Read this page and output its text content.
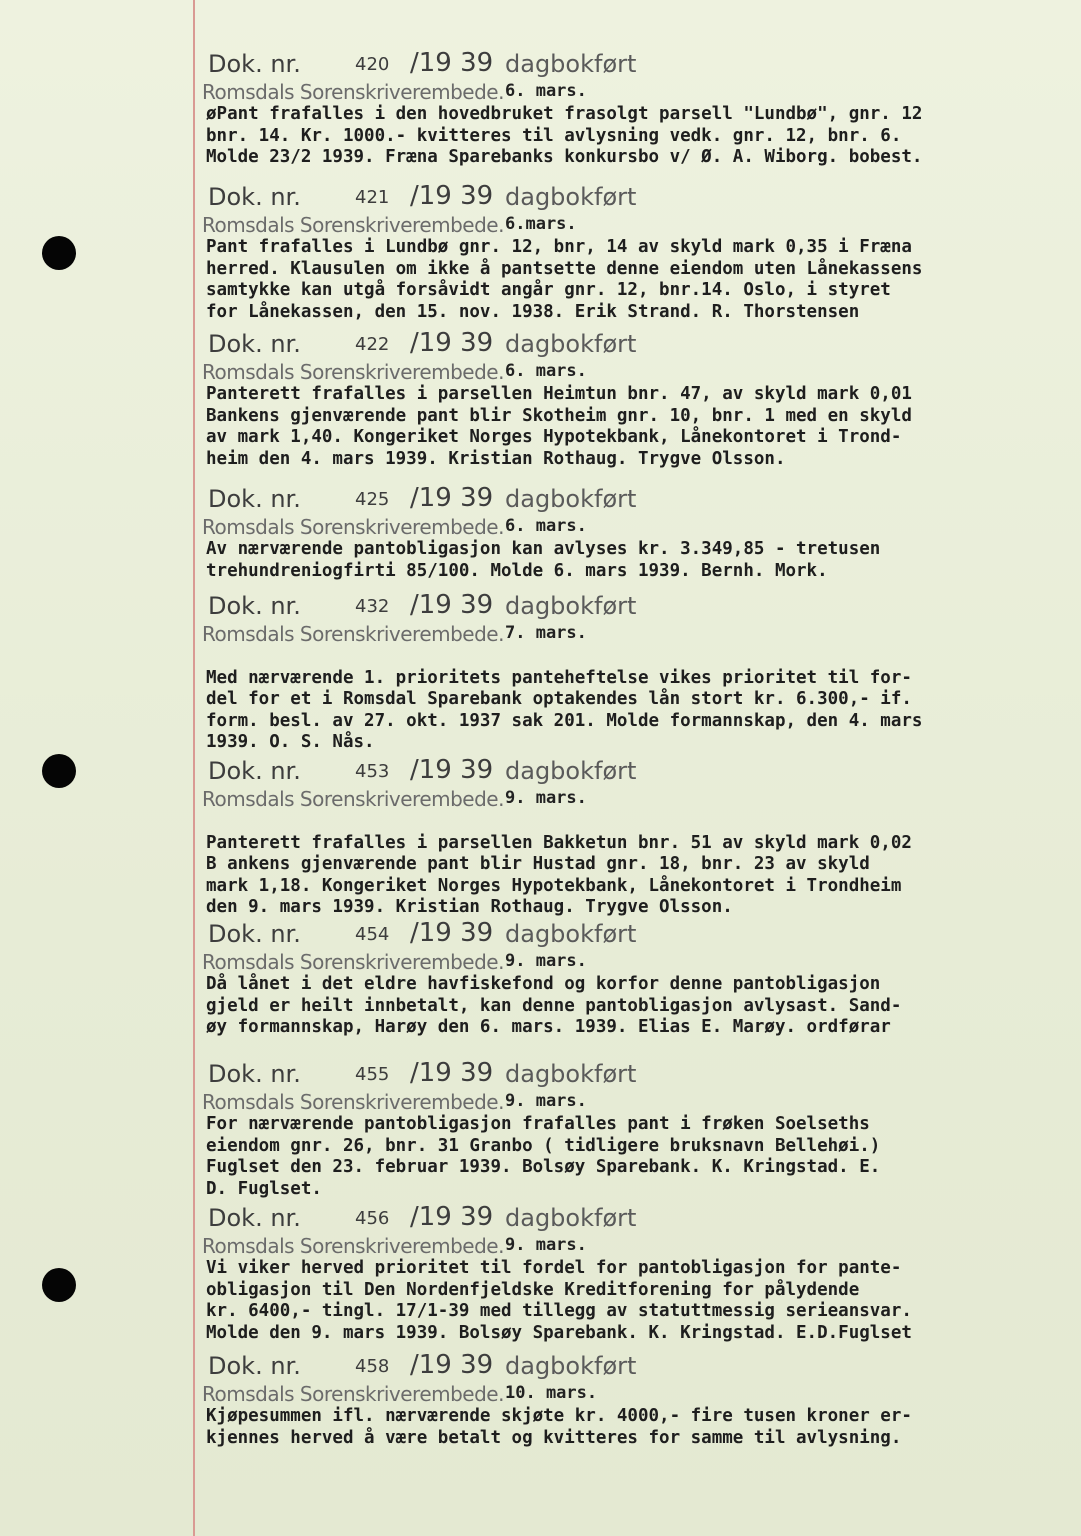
Dok. nr.	420 /19 39 dagbokført
Romsdals Sorenskriverembede. 6. mars.
øPant frafalles i den hovedbruket frasolgt parsell "Lundbø", gnr. 12
bnr. 14. Kr. 1000.- kvitteres til avlysning vedk. gnr. 12, bnr. 6.
Molde 23/2 1939. Fræna Sparebanks konkursbo v/ Ø. A. Wiborg. bobest.
Dok. nr.	421 /19 39 dagbokført
Romsdals Sorenskriverembede. 6.mars.
Pant frafalles i Lundbø gnr. 12, bnr, 14 av skyld mark 0,35 i Fræna
herred. Klausulen om ikke å pantsette denne eiendom uten Lånekassens
samtykke kan utgå forsåvidt angår gnr. 12, bnr.14. Oslo, i styret
for Lånekassen, den 15. nov. 1938. Erik Strand. R. Thorstensen
Dok. nr.	422 /19 39 dagbokført
Romsdals Sorenskriverembede. 6. mars.
Panterett frafalles i parsellen Heimtun bnr. 47, av skyld mark 0,01
Bankens gjenværende pant blir Skotheim gnr. 10, bnr. 1 med en skyld
av mark 1,40. Kongeriket Norges Hypotekbank, Lånekontoret i Trond-
heim den 4. mars 1939. Kristian Rothaug. Trygve Olsson.
Dok. nr.	425 /19 39 dagbokført
Romsdals Sorenskriverembede. 6. mars.
Av nærværende pantobligasjon kan avlyses kr. 3.349,85 - tretusen
trehundreniogfirti 85/100. Molde 6. mars 1939. Bernh. Mork.
Dok. nr.	432 /19 39 dagbokført
Romsdals Sorenskriverembede. 7. mars.

Med nærværende 1. prioritets panteheftelse vikes prioritet til for-
del for et i Romsdal Sparebank optakendes lån stort kr. 6.300,- if.
form. besl. av 27. okt. 1937 sak 201. Molde formannskap, den 4. mars
1939. O. S. Nås.
Dok. nr.	453 /19 39 dagbokført
Romsdals Sorenskriverembede. 9. mars.

Panterett frafalles i parsellen Bakketun bnr. 51 av skyld mark 0,02
B ankens gjenværende pant blir Hustad gnr. 18, bnr. 23 av skyld
mark 1,18. Kongeriket Norges Hypotekbank, Lånekontoret i Trondheim
den 9. mars 1939. Kristian Rothaug. Trygve Olsson.
Dok. nr.	454 /19 39 dagbokført
Romsdals Sorenskriverembede. 9. mars.
Då lånet i det eldre havfiskefond og korfor denne pantobligasjon
gjeld er heilt innbetalt, kan denne pantobligasjon avlysast. Sand-
øy formannskap, Harøy den 6. mars. 1939. Elias E. Marøy. ordførar
Dok. nr.	455 /19 39 dagbokført
Romsdals Sorenskriverembede. 9. mars.
For nærværende pantobligasjon frafalles pant i frøken Soelseths
eiendom gnr. 26, bnr. 31 Granbo ( tidligere bruksnavn Bellehøi.)
Fuglset den 23. februar 1939. Bolsøy Sparebank. K. Kringstad. E.
D. Fuglset.
Dok. nr.	456 /19 39 dagbokført
Romsdals Sorenskriverembede. 9. mars.
Vi viker herved prioritet til fordel for pantobligasjon for pante-
obligasjon til Den Nordenfjeldske Kreditforening for pålydende
kr. 6400,- tingl. 17/1-39 med tillegg av statuttmessig serieansvar.
Molde den 9. mars 1939. Bolsøy Sparebank. K. Kringstad. E.D.Fuglset
Dok. nr.	458 /19 39 dagbokført
Romsdals Sorenskriverembede. 10. mars.
Kjøpesummen ifl. nærværende skjøte kr. 4000,- fire tusen kroner er-
kjennes herved å være betalt og kvitteres for samme til avlysning.
